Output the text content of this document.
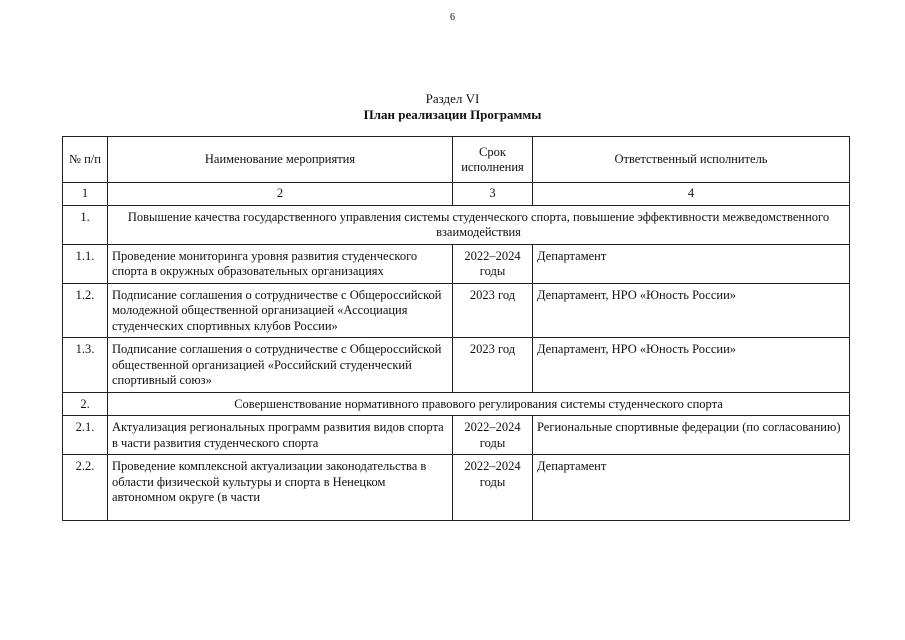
6
Раздел VI
План реализации Программы
№ п/п	Наименование мероприятия	Срок исполнения	Ответственный исполнитель
1	2	3	4
1.	Повышение качества государственного управления системы студенческого спорта, повышение эффективности межведомственного взаимодействия		
1.1.	Проведение мониторинга уровня развития студенческого спорта в окружных образовательных организациях	2022–2024 годы	Департамент
1.2.	Подписание соглашения о сотрудничестве с Общероссийской молодежной общественной организацией «Ассоциация студенческих спортивных клубов России»	2023 год	Департамент, НРО «Юность России»
1.3.	Подписание соглашения о сотрудничестве с Общероссийской общественной организацией «Российский студенческий спортивный союз»	2023 год	Департамент, НРО «Юность России»
2.	Совершенствование нормативного правового регулирования системы студенческого спорта		
2.1.	Актуализация региональных программ развития видов спорта в части развития студенческого спорта	2022–2024 годы	Региональные спортивные федерации (по согласованию)
2.2.	Проведение комплексной актуализации законодательства в области физической культуры и спорта в Ненецком автономном округе (в части	2022–2024 годы	Департамент
